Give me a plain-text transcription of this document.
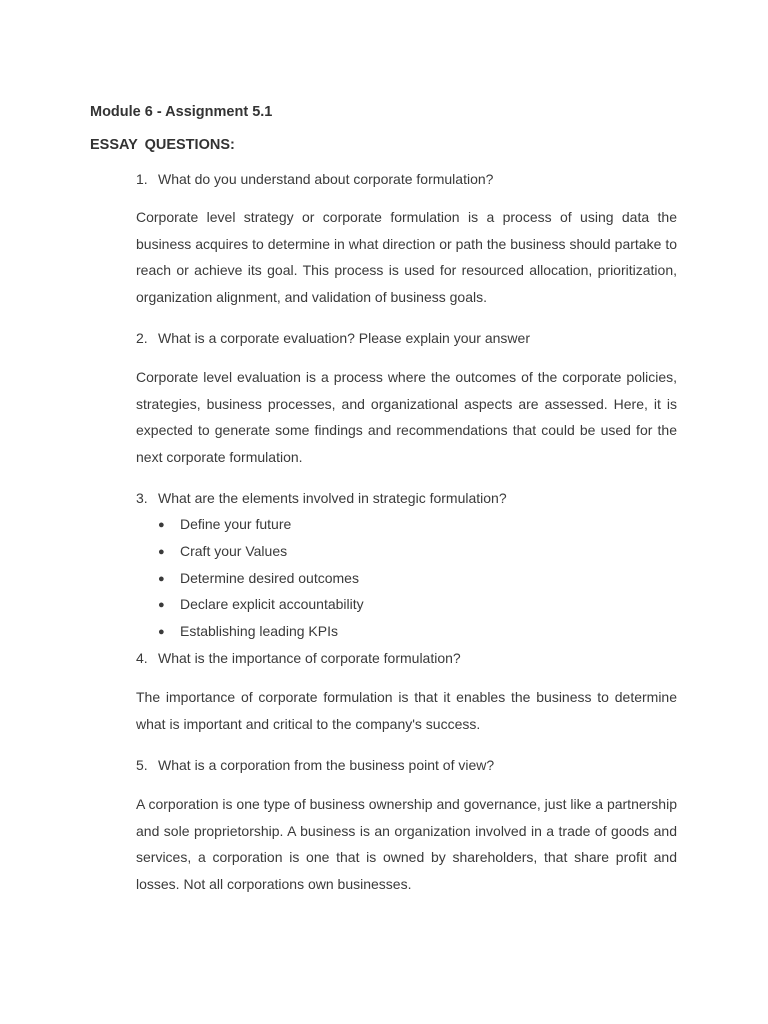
Module 6 - Assignment 5.1
ESSAY QUESTIONS:
1. What do you understand about corporate formulation?
Corporate level strategy or corporate formulation is a process of using data the business acquires to determine in what direction or path the business should partake to reach or achieve its goal. This process is used for resourced allocation, prioritization, organization alignment, and validation of business goals.
2. What is a corporate evaluation? Please explain your answer
Corporate level evaluation is a process where the outcomes of the corporate policies, strategies, business processes, and organizational aspects are assessed. Here, it is expected to generate some findings and recommendations that could be used for the next corporate formulation.
3. What are the elements involved in strategic formulation?
● Define your future
● Craft your Values
● Determine desired outcomes
● Declare explicit accountability
● Establishing leading KPIs
4. What is the importance of corporate formulation?
The importance of corporate formulation is that it enables the business to determine what is important and critical to the company's success.
5. What is a corporation from the business point of view?
A corporation is one type of business ownership and governance, just like a partnership and sole proprietorship. A business is an organization involved in a trade of goods and services, a corporation is one that is owned by shareholders, that share profit and losses. Not all corporations own businesses.
